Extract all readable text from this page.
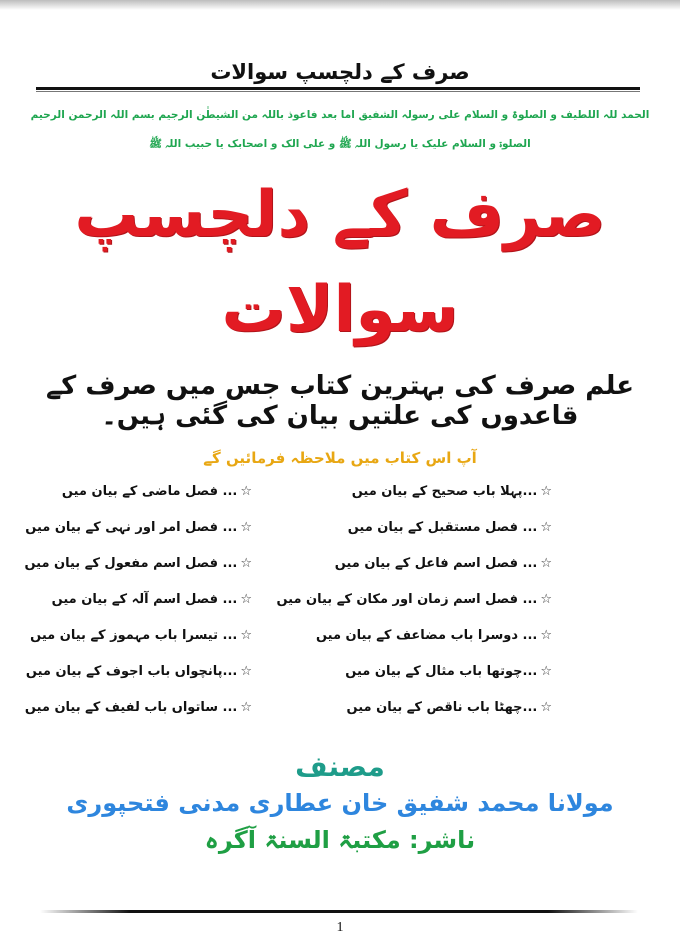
صرف کے دلچسپ سوالات
الحمد للہ اللطیف و الصلوۃ و السلام علی رسولہ الشفیق اما بعد فاعوذ باللہ من الشیطٰن الرجیم بسم اللہ الرحمن الرحیم
الصلوۃ و السلام علیک یا رسول اللہ ﷺ و علی الک و اصحابک یا حبیب اللہ ﷺ
صرف کے دلچسپ
سوالات
علم صرف کی بہترین کتاب جس میں صرف کے قاعدوں کی علتیں بیان کی گئی ہیں۔
آپ اس کتاب میں ملاحظہ فرمائیں گے
☆...پہلا باب صحیح کے بیان میں
☆... فصل مستقبل کے بیان میں
☆... فصل اسم فاعل کے بیان میں
☆... فصل اسم زمان اور مکان کے بیان میں
☆... دوسرا باب مضاعف کے بیان میں
☆...چوتھا باب مثال کے بیان میں
☆...چھٹا باب ناقص کے بیان میں
☆... فصل ماضی کے بیان میں
☆... فصل امر اور نہی کے بیان میں
☆... فصل اسم مفعول کے بیان میں
☆... فصل اسم آلہ کے بیان میں
☆... تیسرا باب مہموز کے بیان میں
☆...پانچواں باب اجوف کے بیان میں
☆... ساتواں باب لفیف کے بیان میں
مصنف
مولانا محمد شفیق خان عطاری مدنی فتحپوری
ناشر: مکتبۃ السنۃ آگرہ
1
